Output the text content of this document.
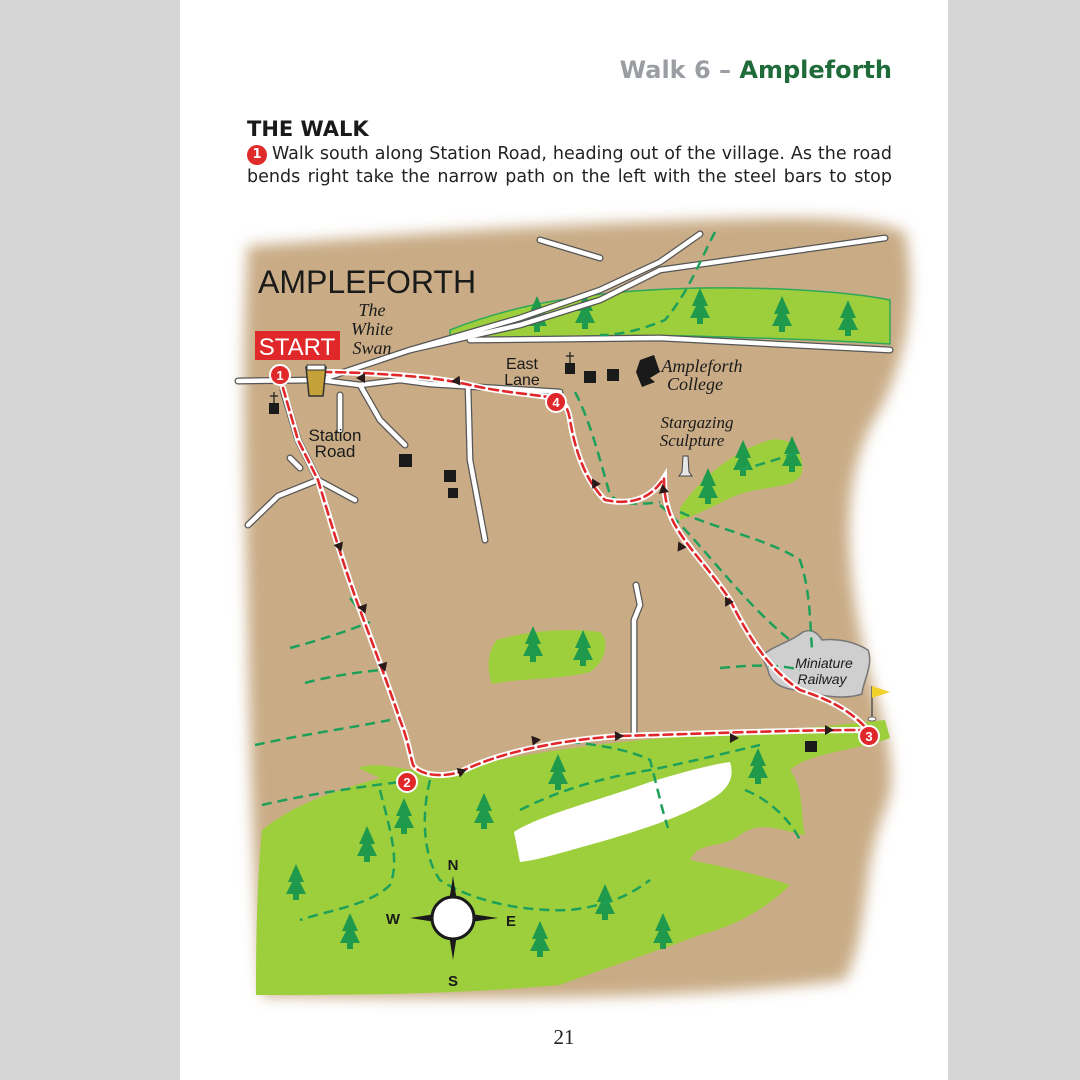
Walk 6 – Ampleforth
THE WALK
1 Walk south along Station Road, heading out of the village. As the road bends right take the narrow path on the left with the steel bars to stop
21
1
2
3
4
START
AMPLEFORTH
The
White
Swan
Station
Road
East
Lane
Ampleforth
College
Stargazing
Sculpture
Miniature
Railway
N
S
W	E
